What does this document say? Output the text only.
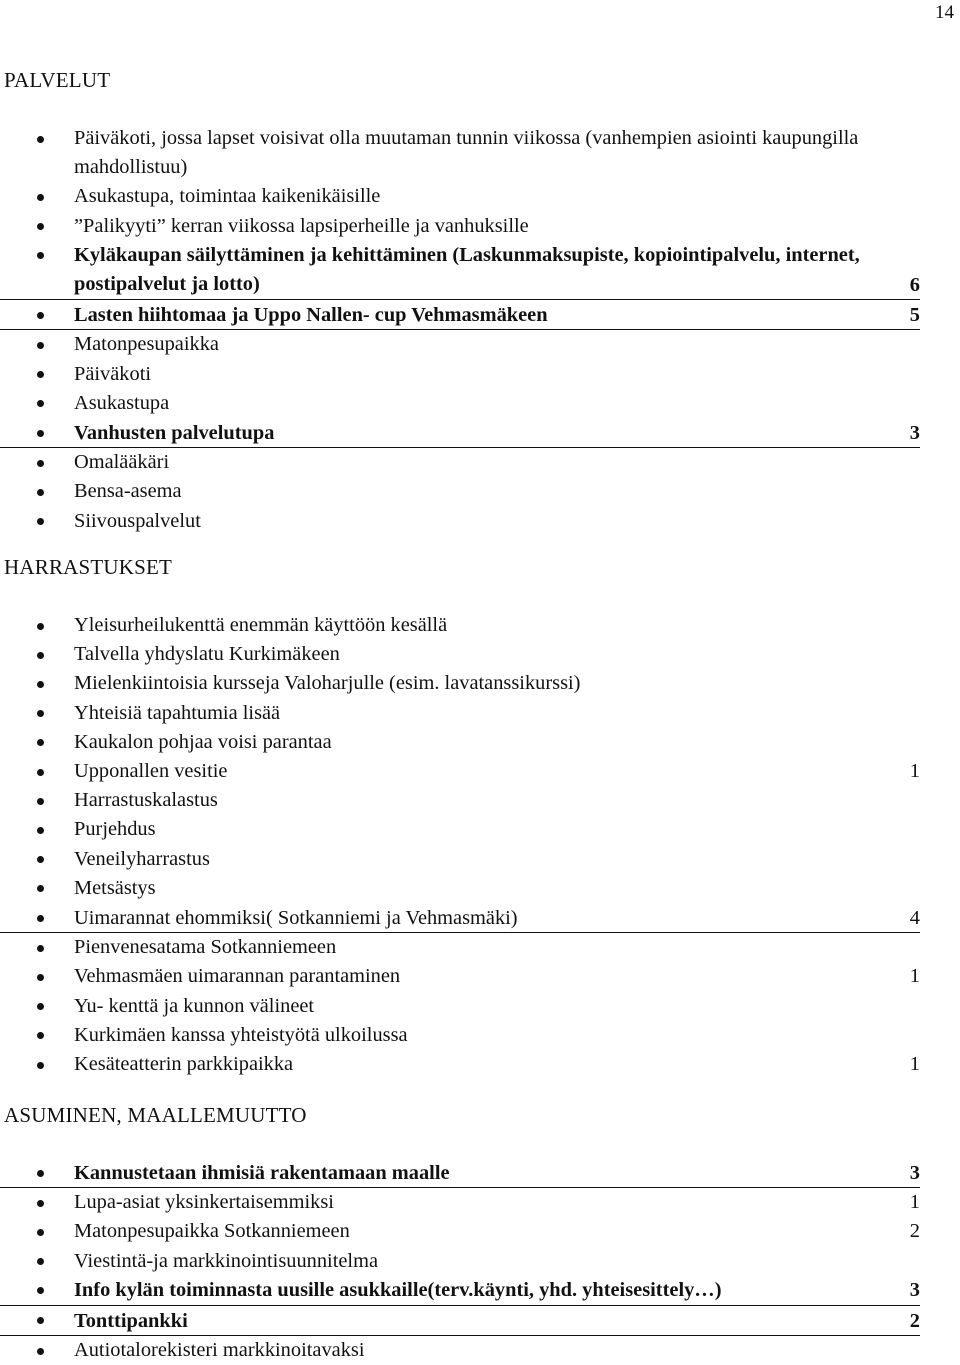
14
PALVELUT
Päiväkoti, jossa lapset voisivat olla muutaman tunnin viikossa (vanhempien asiointi kaupungilla mahdollistuu)
Asukastupa, toimintaa kaikenikäisille
”Palikyyti” kerran viikossa lapsiperheille ja vanhuksille
Kyläkaupan säilyttäminen ja kehittäminen (Laskunmaksupiste, kopiointipalvelu, internet, postipalvelut ja lotto)	6
Lasten hiihtomaa ja Uppo Nallen- cup Vehmasmäkeen	5
Matonpesupaikka
Päiväkoti
Asukastupa
Vanhusten palvelutupa	3
Omalääkäri
Bensa-asema
Siivouspalvelut
HARRASTUKSET
Yleisurheilukenttä enemmän käyttöön kesällä
Talvella yhdyslatu Kurkimäkeen
Mielenkiintoisia kursseja Valoharjulle (esim. lavatanssikurssi)
Yhteisiä tapahtumia lisää
Kaukalon pohjaa voisi parantaa
Upponallen vesitie	1
Harrastuskalastus
Purjehdus
Veneilyharrastus
Metsästys
Uimarannat ehommiksi( Sotkanniemi ja Vehmasmäki)	4
Pienvenesatama Sotkanniemeen
Vehmasmäen uimarannan parantaminen	1
Yu- kenttä ja kunnon välineet
Kurkimäen kanssa yhteistyötä ulkoilussa
Kesäteatterin parkkipaikka	1
ASUMINEN, MAALLEMUUTTO
Kannustetaan ihmisiä rakentamaan maalle	3
Lupa-asiat yksinkertaisemmiksi	1
Matonpesupaikka Sotkanniemeen	2
Viestintä-ja markkinointisuunnitelma
Info kylän toiminnasta uusille asukkaille(terv.käynti, yhd. yhteisesittely…)	3
Tonttipankki	2
Autiotalorekisteri markkinoitavaksi
